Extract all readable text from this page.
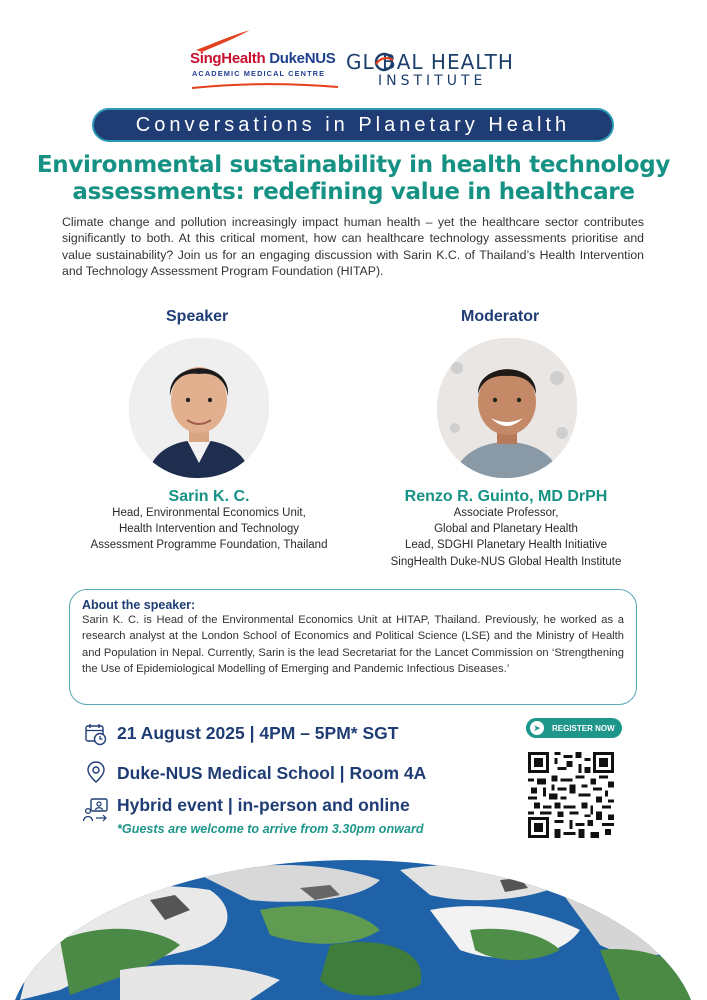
SingHealth DukeNUS
ACADEMIC MEDICAL CENTRE GL BAL HEALTH
INSTITUTE
Conversations in Planetary Health
Environmental sustainability in health technology
assessments: redefining value in healthcare
Climate change and pollution increasingly impact human health – yet the healthcare sector contributes significantly to both. At this critical moment, how can healthcare technology assessments prioritise and value sustainability? Join us for an engaging discussion with Sarin K.C. of Thailand’s Health Intervention and Technology Assessment Program Foundation (HITAP).
Speaker
Sarin K. C.
Head, Environmental Economics Unit,
Health Intervention and Technology
Assessment Programme Foundation, Thailand
Moderator
Renzo R. Guinto, MD DrPH
Associate Professor,
Global and Planetary Health
Lead, SDGHI Planetary Health Initiative
SingHealth Duke-NUS Global Health Institute
About the speaker:
Sarin K. C. is Head of the Environmental Economics Unit at HITAP, Thailand. Previously, he worked as a research analyst at the London School of Economics and Political Science (LSE) and the Ministry of Health and Population in Nepal. Currently, Sarin is the lead Secretariat for the Lancet Commission on ‘Strengthening the Use of Epidemiological Modelling of Emerging and Pandemic Infectious Diseases.’
21 August 2025 | 4PM – 5PM* SGT
Duke-NUS Medical School | Room 4A
Hybrid event | in-person and online
*Guests are welcome to arrive from 3.30pm onward
➤	REGISTER NOW
